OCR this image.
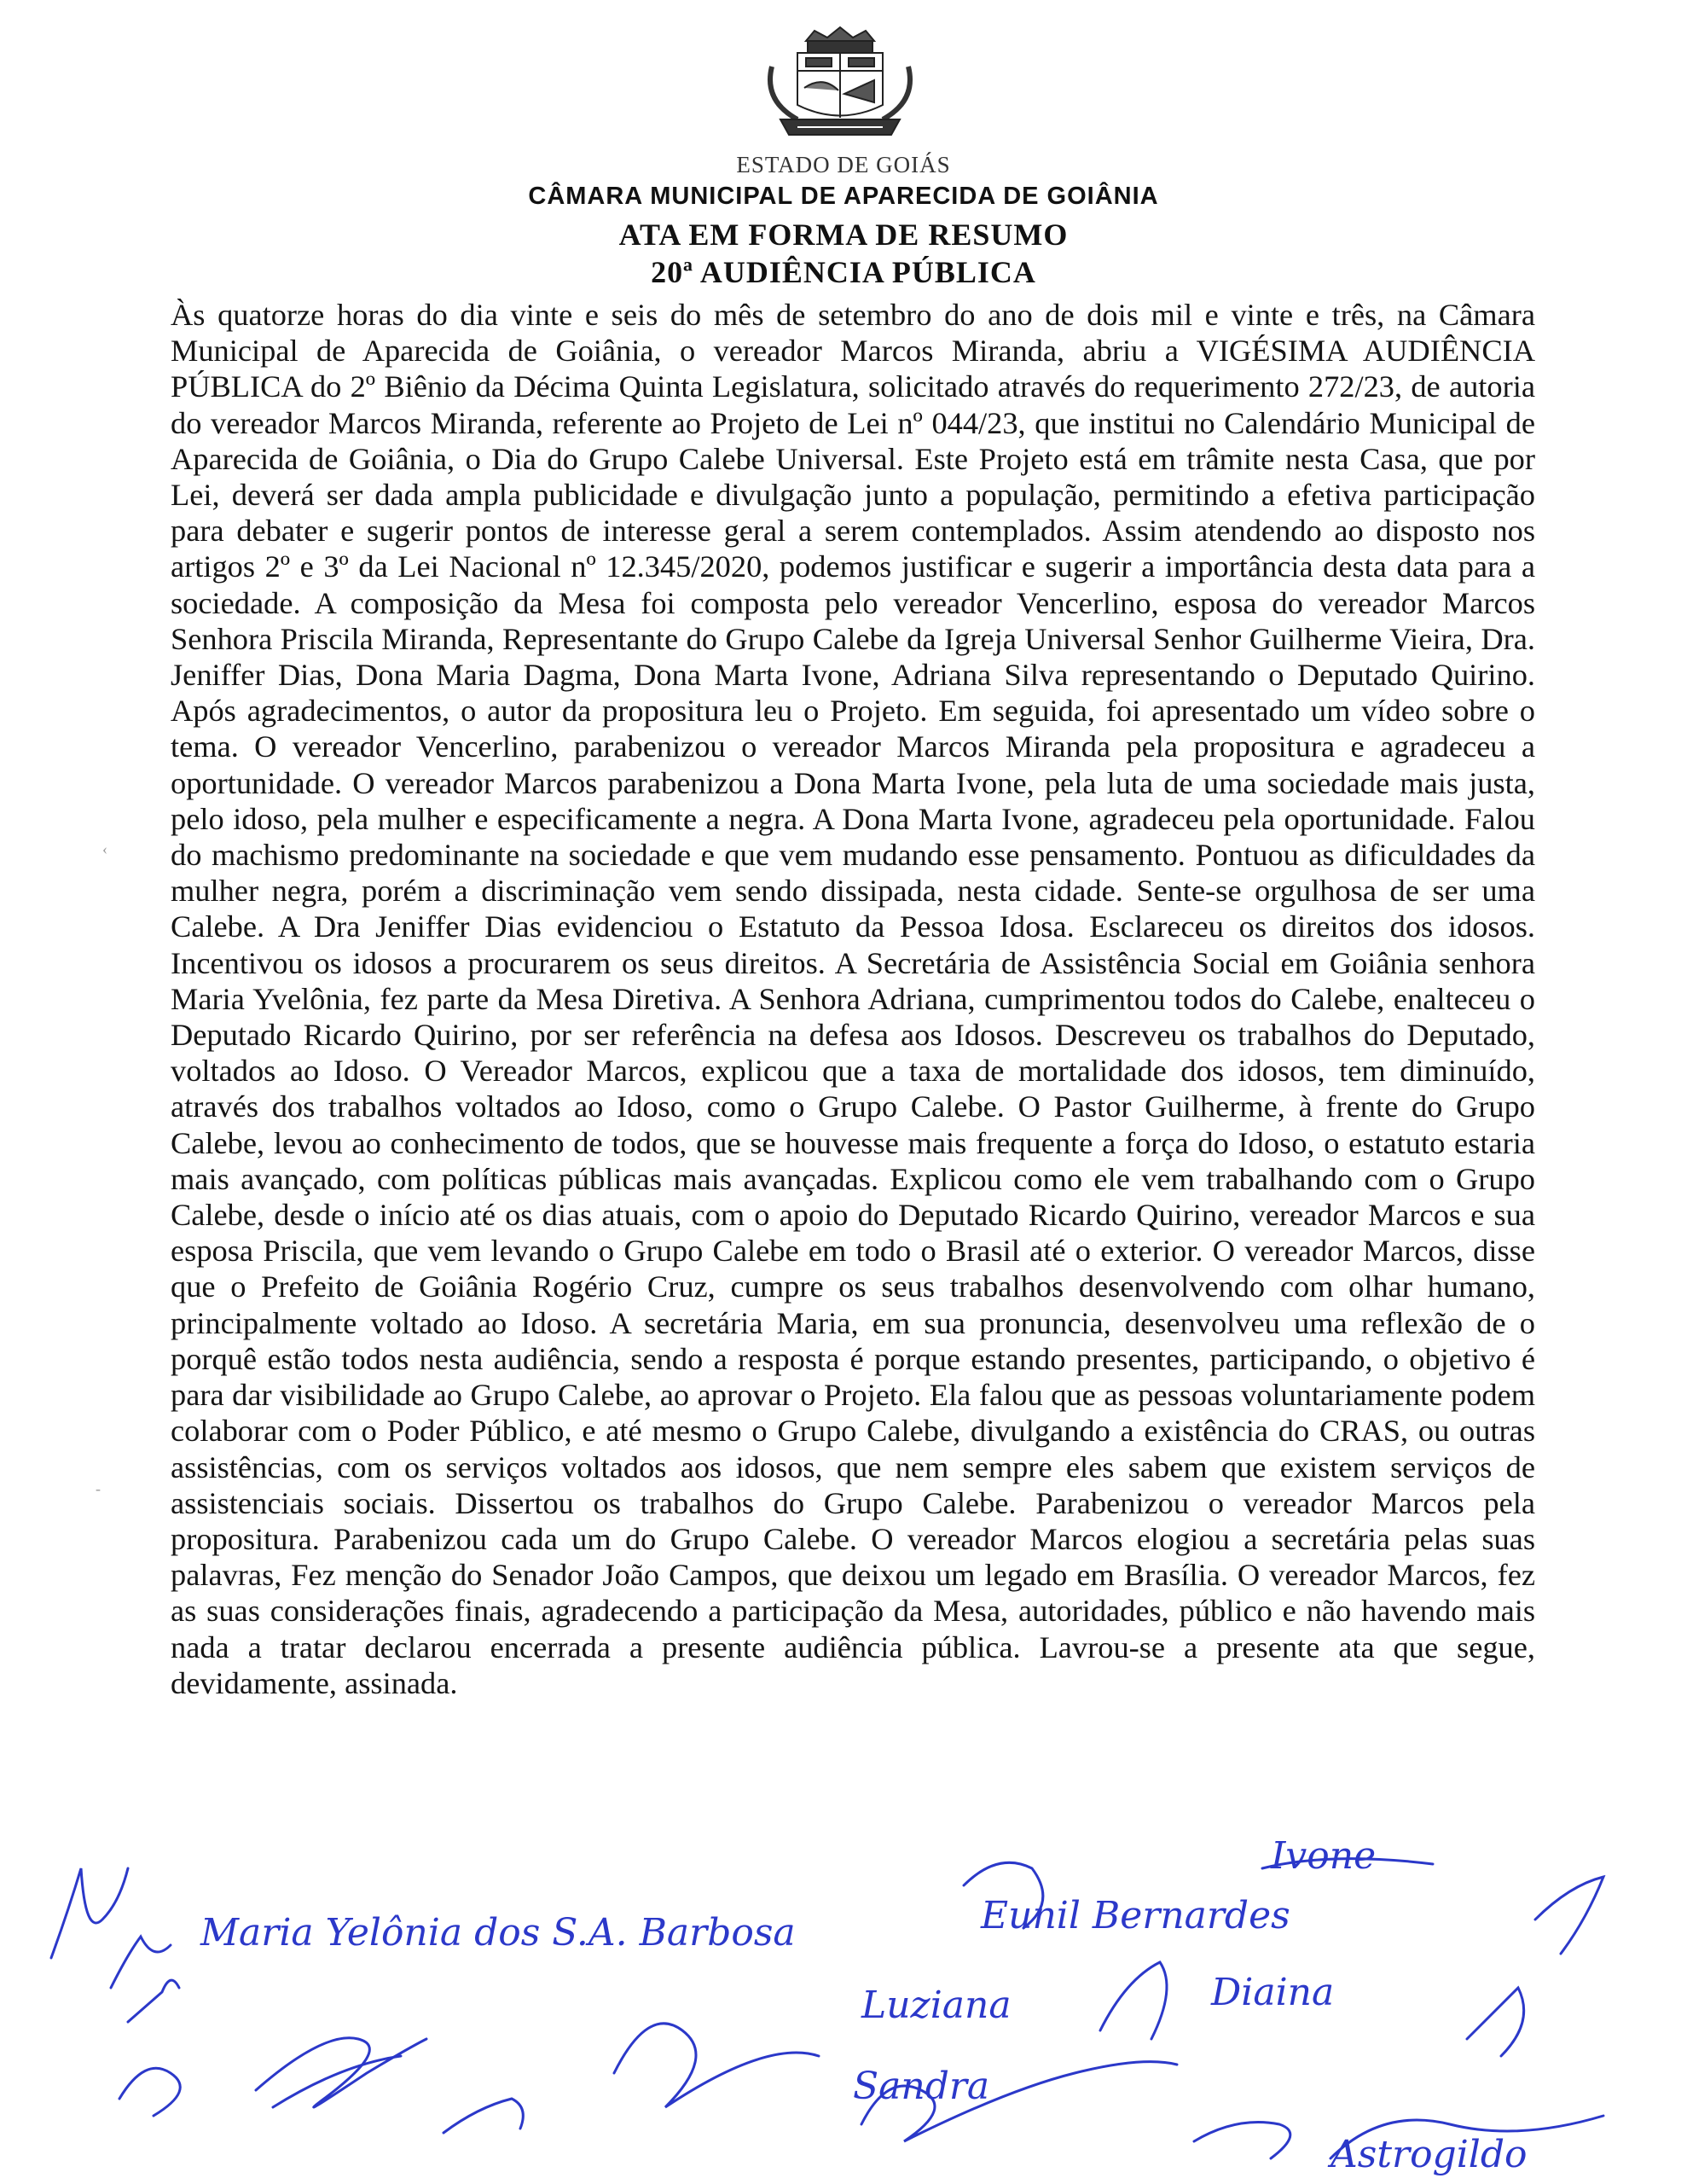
ESTADO DE GOIÁS
CÂMARA MUNICIPAL DE APARECIDA DE GOIÂNIA
ATA EM FORMA DE RESUMO
20ª AUDIÊNCIA PÚBLICA

Às quatorze horas do dia vinte e seis do mês de setembro do ano de dois mil e vinte e três, na Câmara Municipal de Aparecida de Goiânia, o vereador Marcos Miranda, abriu a VIGÉSIMA AUDIÊNCIA PÚBLICA do 2º Biênio da Décima Quinta Legislatura, solicitado através do requerimento 272/23, de autoria do vereador Marcos Miranda, referente ao Projeto de Lei nº 044/23, que institui no Calendário Municipal de Aparecida de Goiânia, o Dia do Grupo Calebe Universal. Este Projeto está em trâmite nesta Casa, que por Lei, deverá ser dada ampla publicidade e divulgação junto a população, permitindo a efetiva participação para debater e sugerir pontos de interesse geral a serem contemplados. Assim atendendo ao disposto nos artigos 2º e 3º da Lei Nacional nº 12.345/2020, podemos justificar e sugerir a importância desta data para a sociedade. A composição da Mesa foi composta pelo vereador Vencerlino, esposa do vereador Marcos Senhora Priscila Miranda, Representante do Grupo Calebe da Igreja Universal Senhor Guilherme Vieira, Dra. Jeniffer Dias, Dona Maria Dagma, Dona Marta Ivone, Adriana Silva representando o Deputado Quirino. Após agradecimentos, o autor da propositura leu o Projeto. Em seguida, foi apresentado um vídeo sobre o tema. O vereador Vencerlino, parabenizou o vereador Marcos Miranda pela propositura e agradeceu a oportunidade. O vereador Marcos parabenizou a Dona Marta Ivone, pela luta de uma sociedade mais justa, pelo idoso, pela mulher e especificamente a negra. A Dona Marta Ivone, agradeceu pela oportunidade. Falou do machismo predominante na sociedade e que vem mudando esse pensamento. Pontuou as dificuldades da mulher negra, porém a discriminação vem sendo dissipada, nesta cidade. Sente-se orgulhosa de ser uma Calebe. A Dra Jeniffer Dias evidenciou o Estatuto da Pessoa Idosa. Esclareceu os direitos dos idosos. Incentivou os idosos a procurarem os seus direitos. A Secretária de Assistência Social em Goiânia senhora Maria Yvelônia, fez parte da Mesa Diretiva. A Senhora Adriana, cumprimentou todos do Calebe, enalteceu o Deputado Ricardo Quirino, por ser referência na defesa aos Idosos. Descreveu os trabalhos do Deputado, voltados ao Idoso. O Vereador Marcos, explicou que a taxa de mortalidade dos idosos, tem diminuído, através dos trabalhos voltados ao Idoso, como o Grupo Calebe. O Pastor Guilherme, à frente do Grupo Calebe, levou ao conhecimento de todos, que se houvesse mais frequente a força do Idoso, o estatuto estaria mais avançado, com políticas públicas mais avançadas. Explicou como ele vem trabalhando com o Grupo Calebe, desde o início até os dias atuais, com o apoio do Deputado Ricardo Quirino, vereador Marcos e sua esposa Priscila, que vem levando o Grupo Calebe em todo o Brasil até o exterior. O vereador Marcos, disse que o Prefeito de Goiânia Rogério Cruz, cumpre os seus trabalhos desenvolvendo com olhar humano, principalmente voltado ao Idoso. A secretária Maria, em sua pronuncia, desenvolveu uma reflexão de o porquê estão todos nesta audiência, sendo a resposta é porque estando presentes, participando, o objetivo é para dar visibilidade ao Grupo Calebe, ao aprovar o Projeto. Ela falou que as pessoas voluntariamente podem colaborar com o Poder Público, e até mesmo o Grupo Calebe, divulgando a existência do CRAS, ou outras assistências, com os serviços voltados aos idosos, que nem sempre eles sabem que existem serviços de assistenciais sociais. Dissertou os trabalhos do Grupo Calebe. Parabenizou o vereador Marcos pela propositura. Parabenizou cada um do Grupo Calebe. O vereador Marcos elogiou a secretária pelas suas palavras, Fez menção do Senador João Campos, que deixou um legado em Brasília. O vereador Marcos, fez as suas considerações finais, agradecendo a participação da Mesa, autoridades, público e não havendo mais nada a tratar declarou encerrada a presente audiência pública. Lavrou-se a presente ata que segue, devidamente, assinada.

‹
-
Maria Yelônia dos S.A. Barbosa	Eunil Bernardes
Luziana	Diaina
Sandra
Ivone
Astrogildo
